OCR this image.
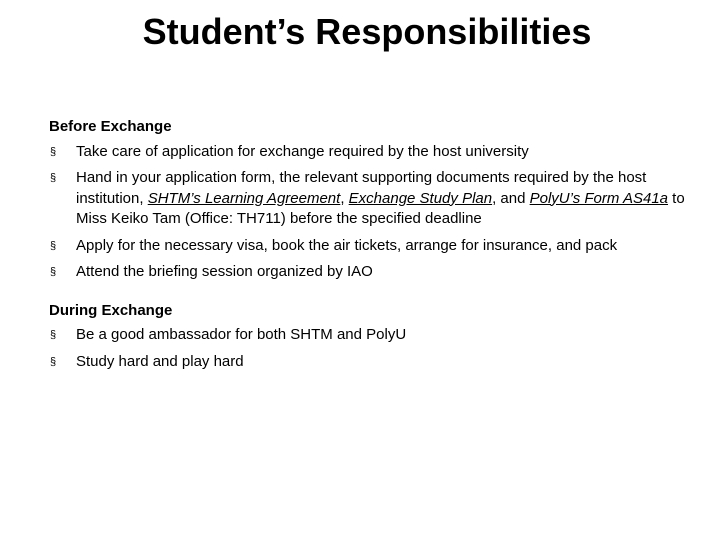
Student’s Responsibilities

Before Exchange

§ Take care of application for exchange required by the host university
§ Hand in your application form, the relevant supporting documents required by the host institution, SHTM’s Learning Agreement, Exchange Study Plan, and PolyU’s Form AS41a to Miss Keiko Tam (Office: TH711) before the specified deadline
§ Apply for the necessary visa, book the air tickets, arrange for insurance, and pack
§ Attend the briefing session organized by IAO

During Exchange

§ Be a good ambassador for both SHTM and PolyU
§ Study hard and play hard
